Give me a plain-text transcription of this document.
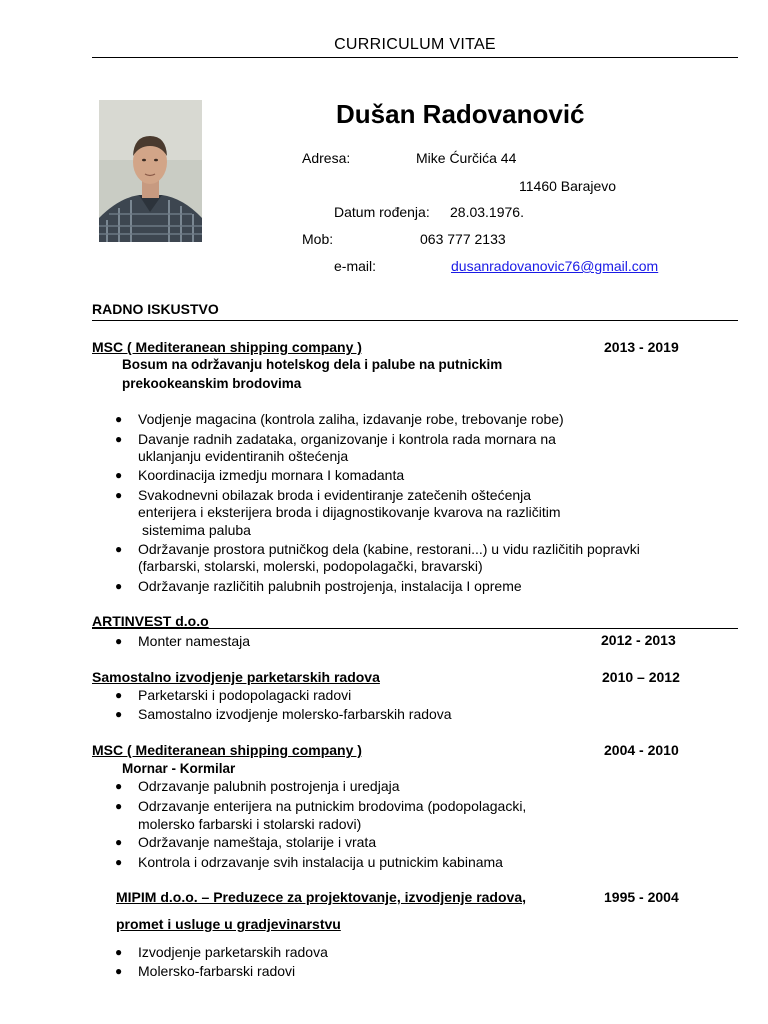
CURRICULUM VITAE
Dušan Radovanović
Adresa:	Mike Ćurčića 44
11460 Barajevo
Datum rođenja: 28.03.1976.
Mob:	063 777 2133
e-mail:	dusanradovanovic76@gmail.com
RADNO ISKUSTVO
MSC ( Mediteranean shipping company )	2013 - 2019
Bosum na održavanju hotelskog dela i palube na putnickim
prekookeanskim brodovima
● Vodjenje magacina (kontrola zaliha, izdavanje robe, trebovanje robe)
● Davanje radnih zadataka, organizovanje i kontrola rada mornara na
uklanjanju evidentiranih oštećenja
● Koordinacija izmedju mornara I komadanta
● Svakodnevni obilazak broda i evidentiranje zatečenih oštećenja
enterijera i eksterijera broda i dijagnostikovanje kvarova na različitim
sistemima paluba
● Održavanje prostora putničkog dela (kabine, restorani...) u vidu različitih popravki
(farbarski, stolarski, molerski, podopolagački, bravarski)
● Održavanje različitih palubnih postrojenja, instalacija I opreme
ARTINVEST d.o.o
● Monter namestaja	2012 - 2013
Samostalno izvodjenje parketarskih radova	2010 – 2012
● Parketarski i podopolagacki radovi
● Samostalno izvodjenje molersko-farbarskih radova
MSC ( Mediteranean shipping company )	2004 - 2010
Mornar - Kormilar
● Odrzavanje palubnih postrojenja i uredjaja
● Odrzavanje enterijera na putnickim brodovima (podopolagacki,
molersko farbarski i stolarski radovi)
● Održavanje nameštaja, stolarije i vrata
● Kontrola i odrzavanje svih instalacija u putnickim kabinama
MIPIM d.o.o. – Preduzece za projektovanje, izvodjenje radova,	1995 - 2004
promet i usluge u gradjevinarstvu
● Izvodjenje parketarskih radova
● Molersko-farbarski radovi
